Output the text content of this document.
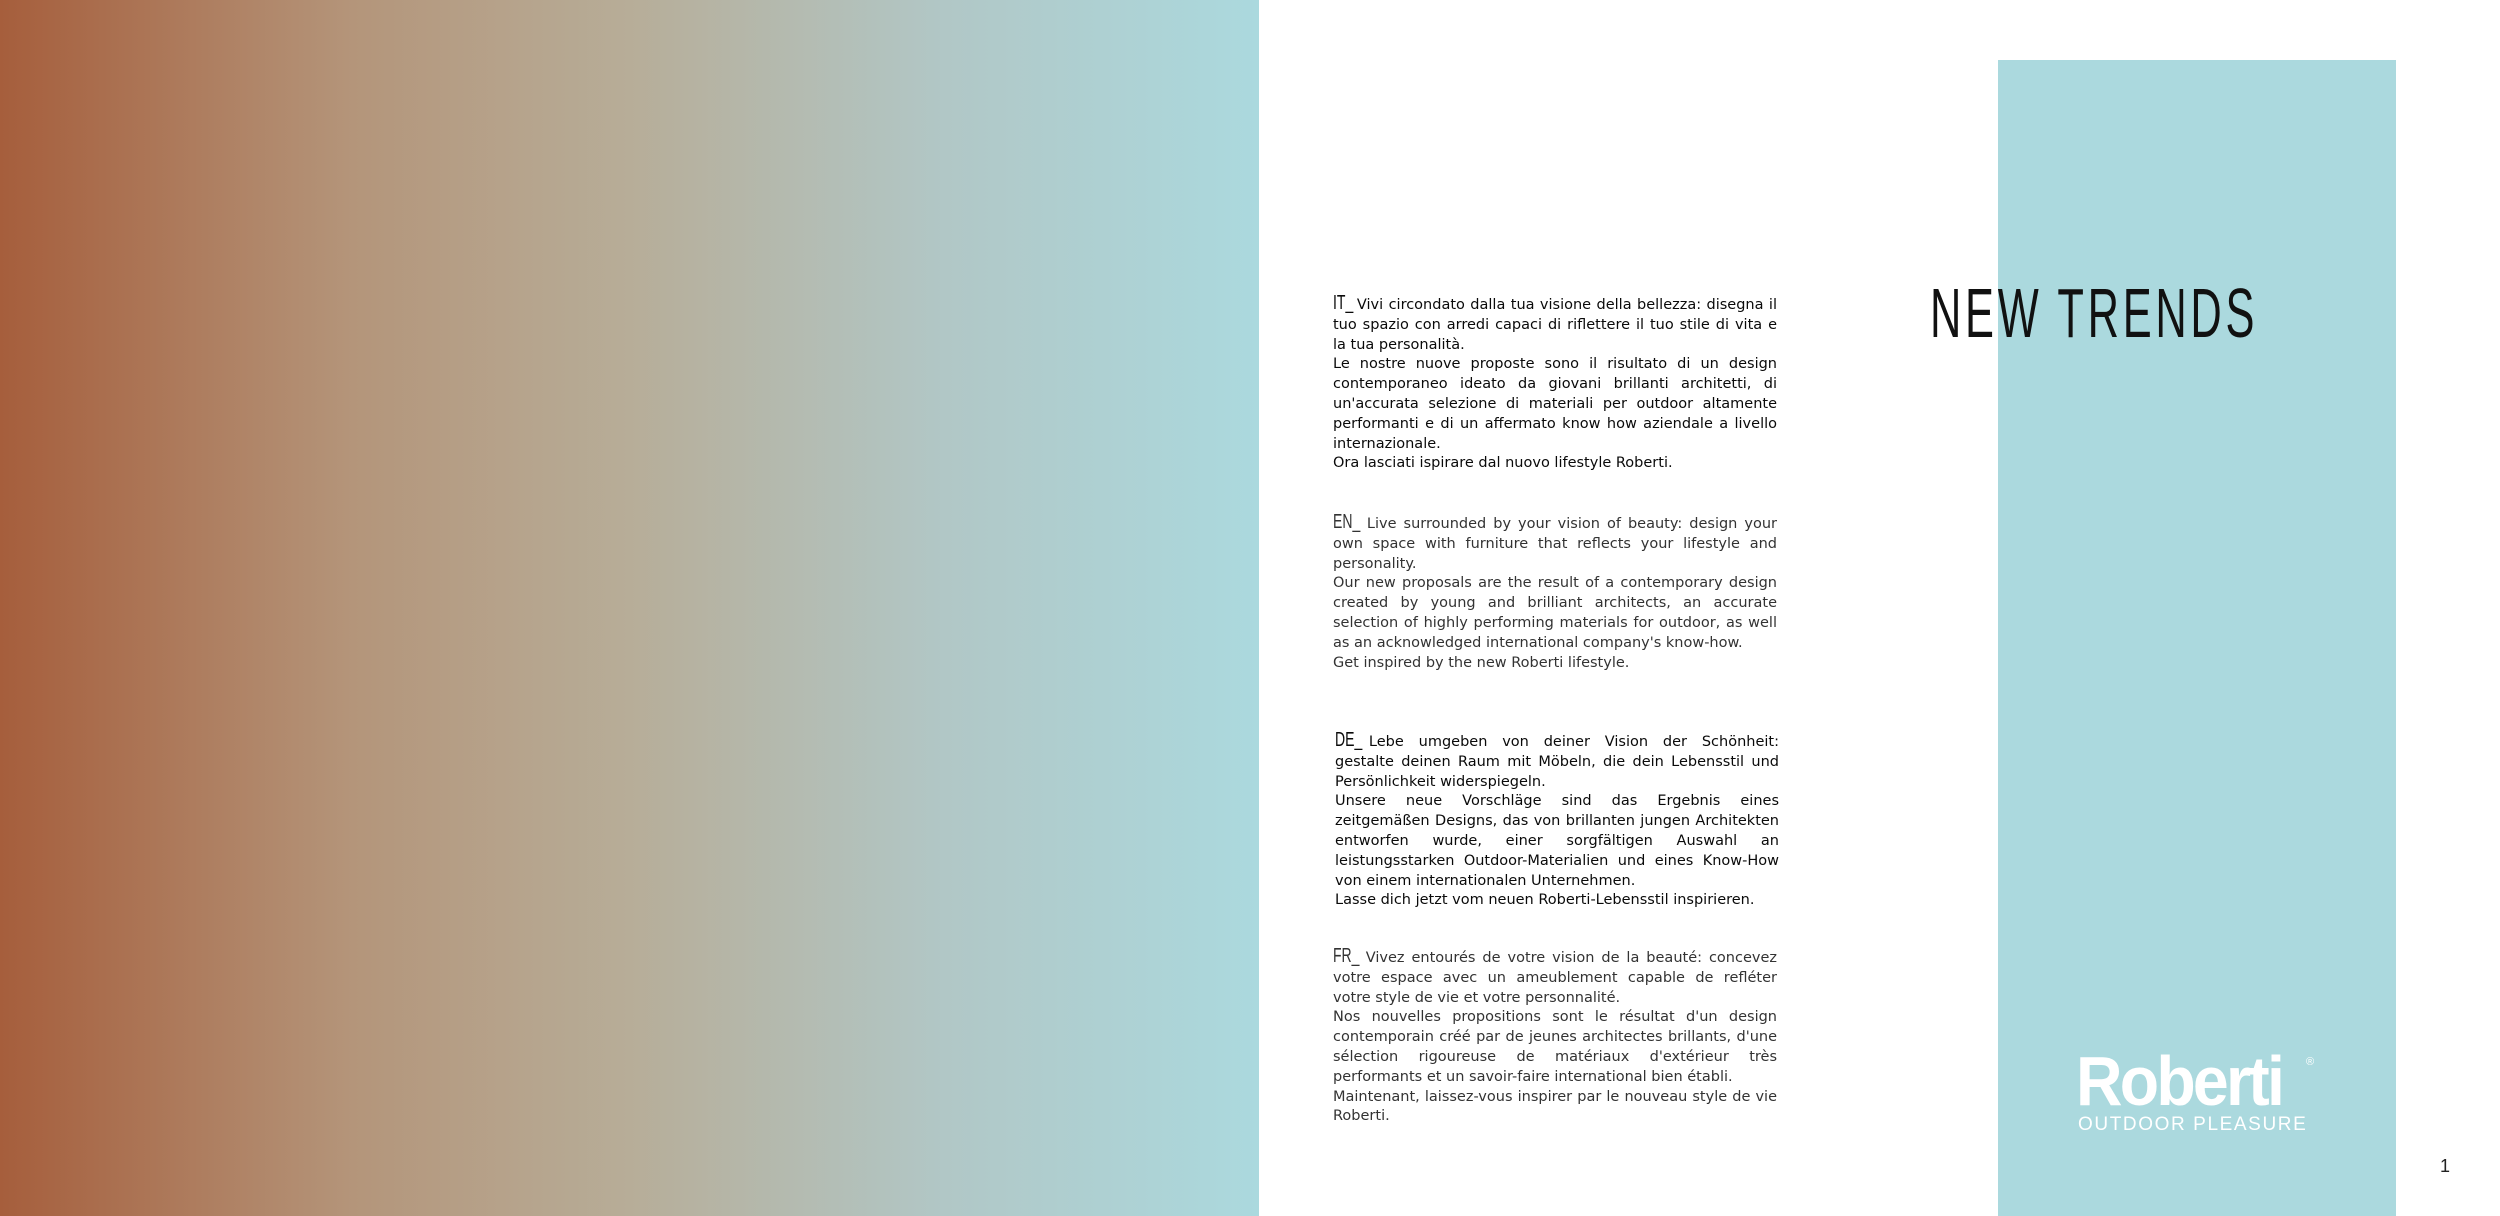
NEW TRENDS

IT_ Vivi circondato dalla tua visione della bellezza: disegna il tuo spazio con arredi capaci di riflettere il tuo stile di vita e la tua personalità.

Le nostre nuove proposte sono il risultato di un design contemporaneo ideato da giovani brillanti architetti, di un'accurata selezione di materiali per outdoor altamente performanti e di un affermato know how aziendale a livello internazionale.

Ora lasciati ispirare dal nuovo lifestyle Roberti.

EN_ Live surrounded by your vision of beauty: design your own space with furniture that reflects your lifestyle and personality.

Our new proposals are the result of a contemporary design created by young and brilliant architects, an accurate selection of highly performing materials for outdoor, as well as an acknowledged international company's know-how.

Get inspired by the new Roberti lifestyle.

DE_ Lebe umgeben von deiner Vision der Schönheit: gestalte deinen Raum mit Möbeln, die dein Lebensstil und Persönlichkeit widerspiegeln.

Unsere neue Vorschläge sind das Ergebnis eines zeitgemäßen Designs, das von brillanten jungen Architekten entworfen wurde, einer sorgfältigen Auswahl an leistungsstarken Outdoor-Materialien und eines Know-How von einem internationalen Unternehmen.

Lasse dich jetzt vom neuen Roberti-Lebensstil inspirieren.

FR_ Vivez entourés de votre vision de la beauté: concevez votre espace avec un ameublement capable de refléter votre style de vie et votre personnalité.

Nos nouvelles propositions sont le résultat d'un design contemporain créé par de jeunes architectes brillants, d'une sélection rigoureuse de matériaux d'extérieur très performants et un savoir-faire international bien établi.

Maintenant, laissez-vous inspirer par le nouveau style de vie Roberti.	Roberti ®
OUTDOOR PLEASURE
1
